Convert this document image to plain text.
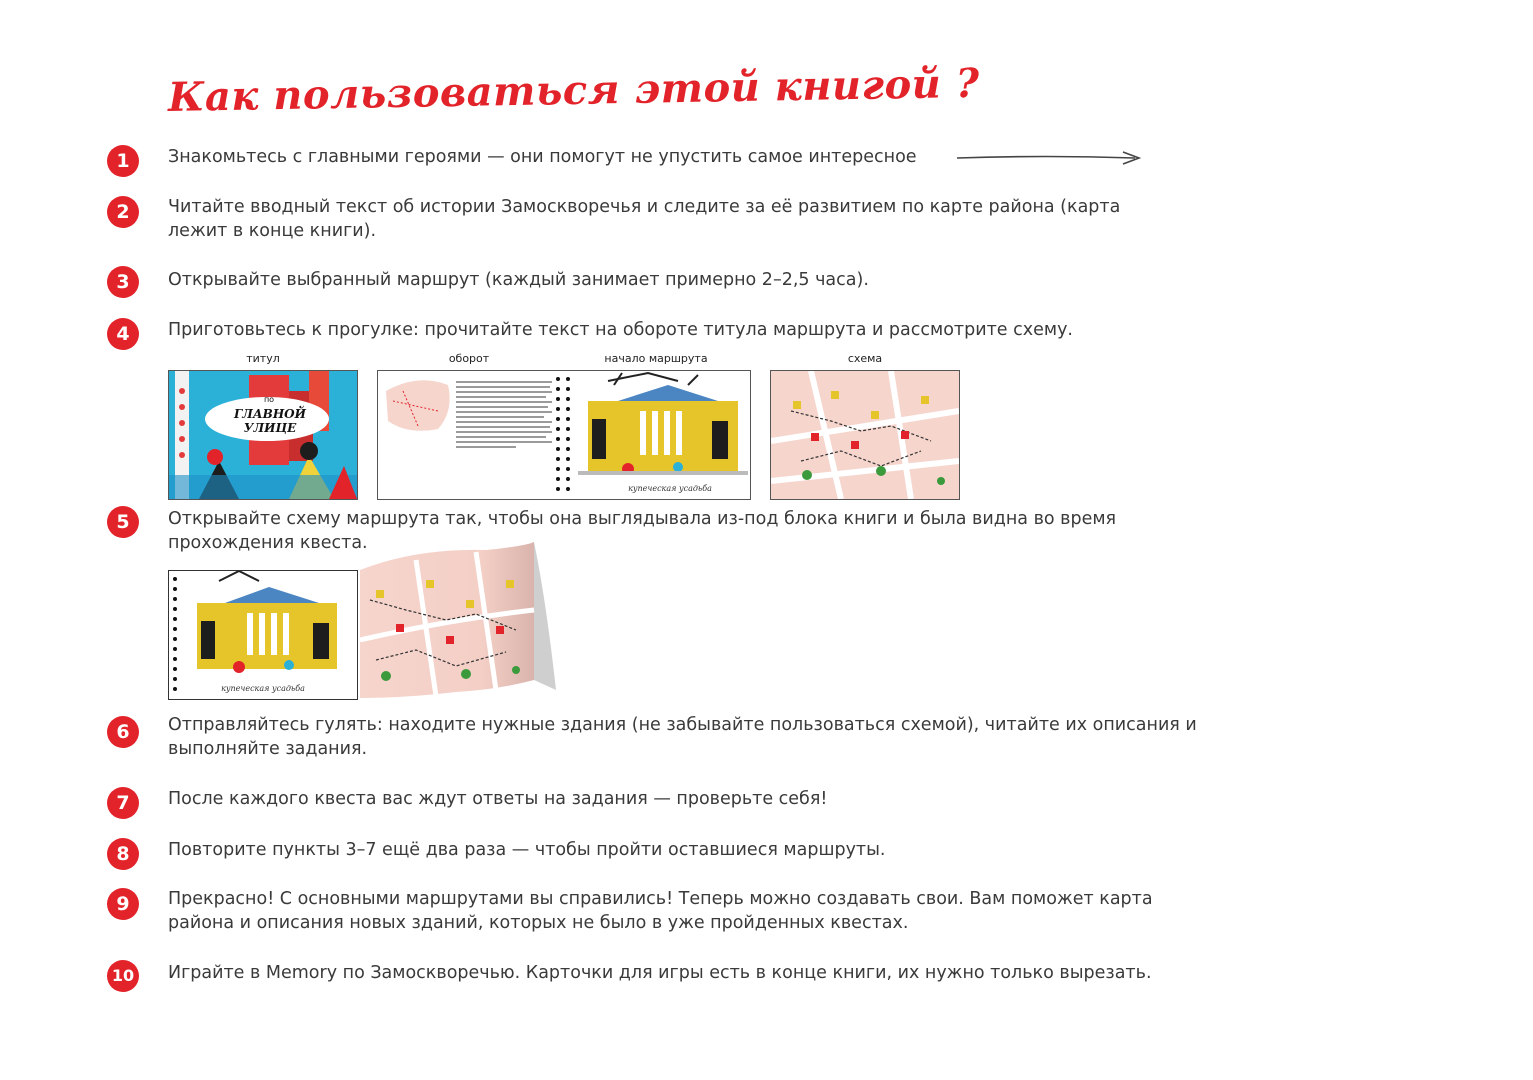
Как пользоваться этой книгой ?
1
2
3
4
5
6
7
8
9
10
Знакомьтесь с главными героями — они помогут не упустить самое интересное
Читайте вводный текст об истории Замоскворечья и следите за её развитием по карте района (карта лежит в конце книги).
Открывайте выбранный маршрут (каждый занимает примерно 2–2,5 часа).
Приготовьтесь к прогулке: прочитайте текст на обороте титула маршрута и рассмотрите схему.
Открывайте схему маршрута так, чтобы она выглядывала из-под блока книги и была видна во время прохождения квеста.
Отправляйтесь гулять: находите нужные здания (не забывайте пользоваться схемой), читайте их описания и выполняйте задания.
После каждого квеста вас ждут ответы на задания — проверьте себя!
Повторите пункты 3–7 ещё два раза — чтобы пройти оставшиеся маршруты.
Прекрасно! С основными маршрутами вы справились! Теперь можно создавать свои. Вам поможет карта района и описания новых зданий, которых не было в уже пройденных квестах.
Играйте в Memory по Замоскворечью. Карточки для игры есть в конце книги, их нужно только вырезать.
титул	оборот	начало маршрута	схема
ГЛАВНОЙ УЛИЦЕ
по
купеческая усадьба
купеческая усадьба
